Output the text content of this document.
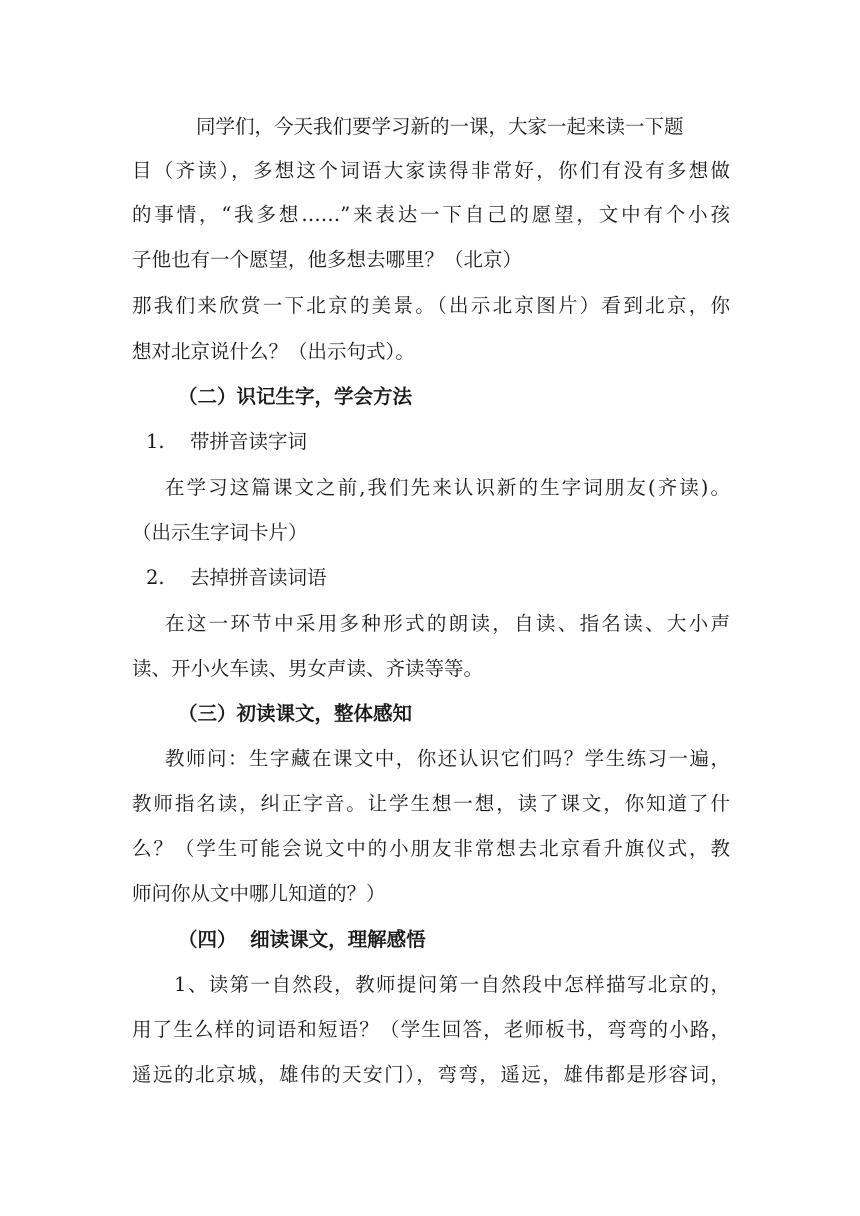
同学们，今天我们要学习新的一课，大家一起来读一下题
目（齐读），多想这个词语大家读得非常好，你们有没有多想做
的事情，“我多想……”来表达一下自己的愿望，文中有个小孩
子他也有一个愿望，他多想去哪里？（北京）
那我们来欣赏一下北京的美景。（出示北京图片）看到北京，你
想对北京说什么？（出示句式）。
（二）识记生字，学会方法
1. 带拼音读字词
在学习这篇课文之前,我们先来认识新的生字词朋友(齐读)。
（出示生字词卡片）
2. 去掉拼音读词语
在这一环节中采用多种形式的朗读，自读、指名读、大小声
读、开小火车读、男女声读、齐读等等。
（三）初读课文，整体感知
教师问：生字藏在课文中，你还认识它们吗？学生练习一遍，
教师指名读，纠正字音。让学生想一想，读了课文，你知道了什
么？（学生可能会说文中的小朋友非常想去北京看升旗仪式，教
师问你从文中哪儿知道的？）
（四）  细读课文，理解感悟
1、读第一自然段，教师提问第一自然段中怎样描写北京的，
用了生么样的词语和短语？（学生回答，老师板书，弯弯的小路，
遥远的北京城，雄伟的天安门），弯弯，遥远，雄伟都是形容词，
